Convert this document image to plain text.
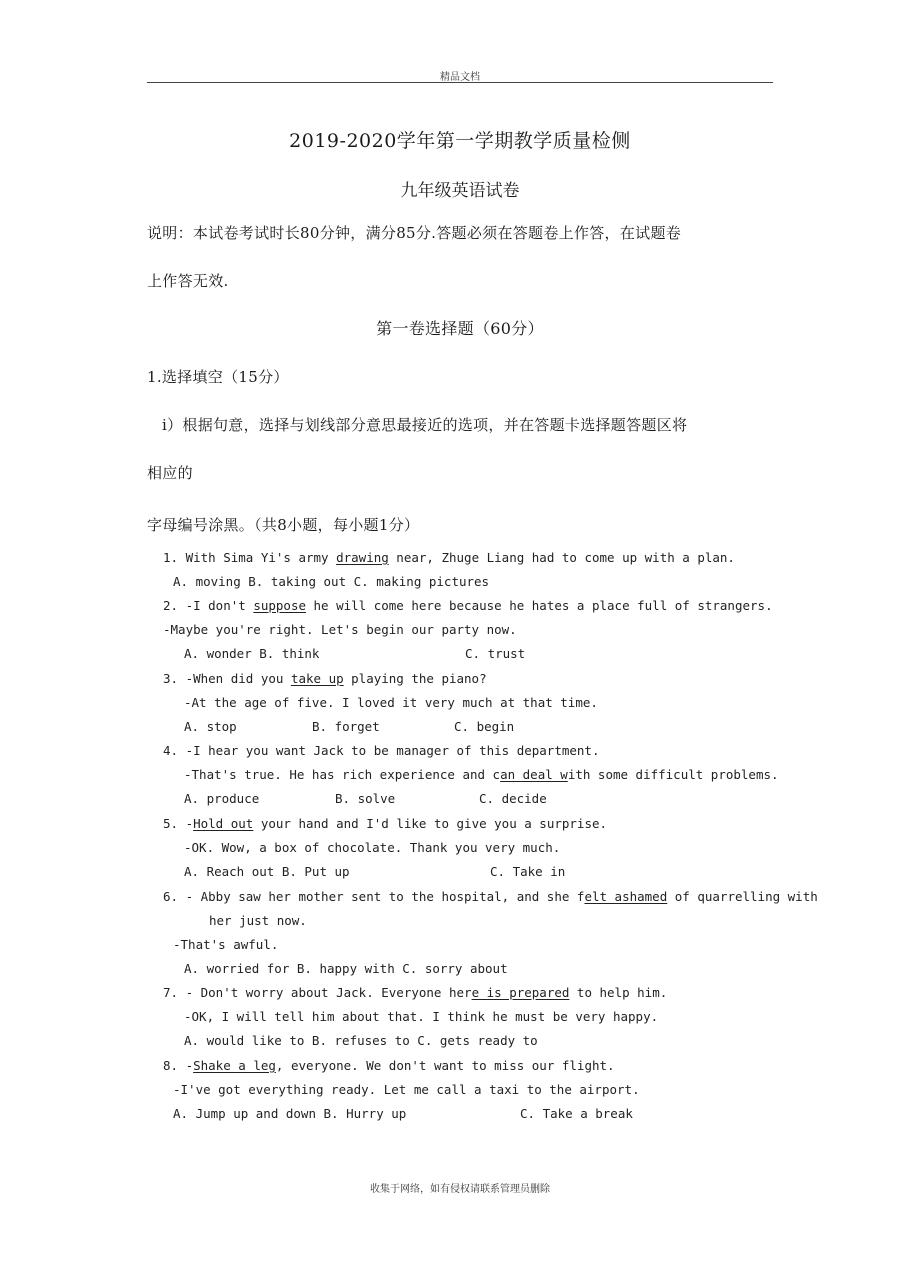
精品文档
2019-2020学年第一学期教学质量检侧
九年级英语试卷
说明：本试卷考试时长80分钟，满分85分.答题必须在答题卷上作答，在试题卷
上作答无效.
第一卷选择题（60分）
1.选择填空（15分）
i）根据句意，选择与划线部分意思最接近的选项，并在答题卡选择题答题区将
相应的
字母编号涂黑。（共8小题，每小题1分）
1. With Sima Yi's army drawing near, Zhuge Liang had to come up with a plan.
A. moving B. taking out C. making pictures
2. -I don't suppose he will come here because he hates a place full of strangers.
-Maybe you're right. Let's begin our party now.
A. wonder B. think	C. trust
3. -When did you take up playing the piano?
-At the age of five. I loved it very much at that time.
A. stop	B. forget	C. begin
4. -I hear you want Jack to be manager of this department.
-That's true. He has rich experience and can deal with some difficult problems.
A. produce	B. solve	C. decide
5. -Hold out your hand and I'd like to give you a surprise.
-OK. Wow, a box of chocolate. Thank you very much.
A. Reach out B. Put up	C. Take in
6. - Abby saw her mother sent to the hospital, and she felt ashamed of quarrelling with
her just now.
-That's awful.
A. worried for B. happy with C. sorry about
7. - Don't worry about Jack. Everyone here is prepared to help him.
-OK, I will tell him about that. I think he must be very happy.
A. would like to B. refuses to C. gets ready to
8. -Shake a leg, everyone. We don't want to miss our flight.
-I've got everything ready. Let me call a taxi to the airport.
A. Jump up and down B. Hurry up	C. Take a break
收集于网络，如有侵权请联系管理员删除
